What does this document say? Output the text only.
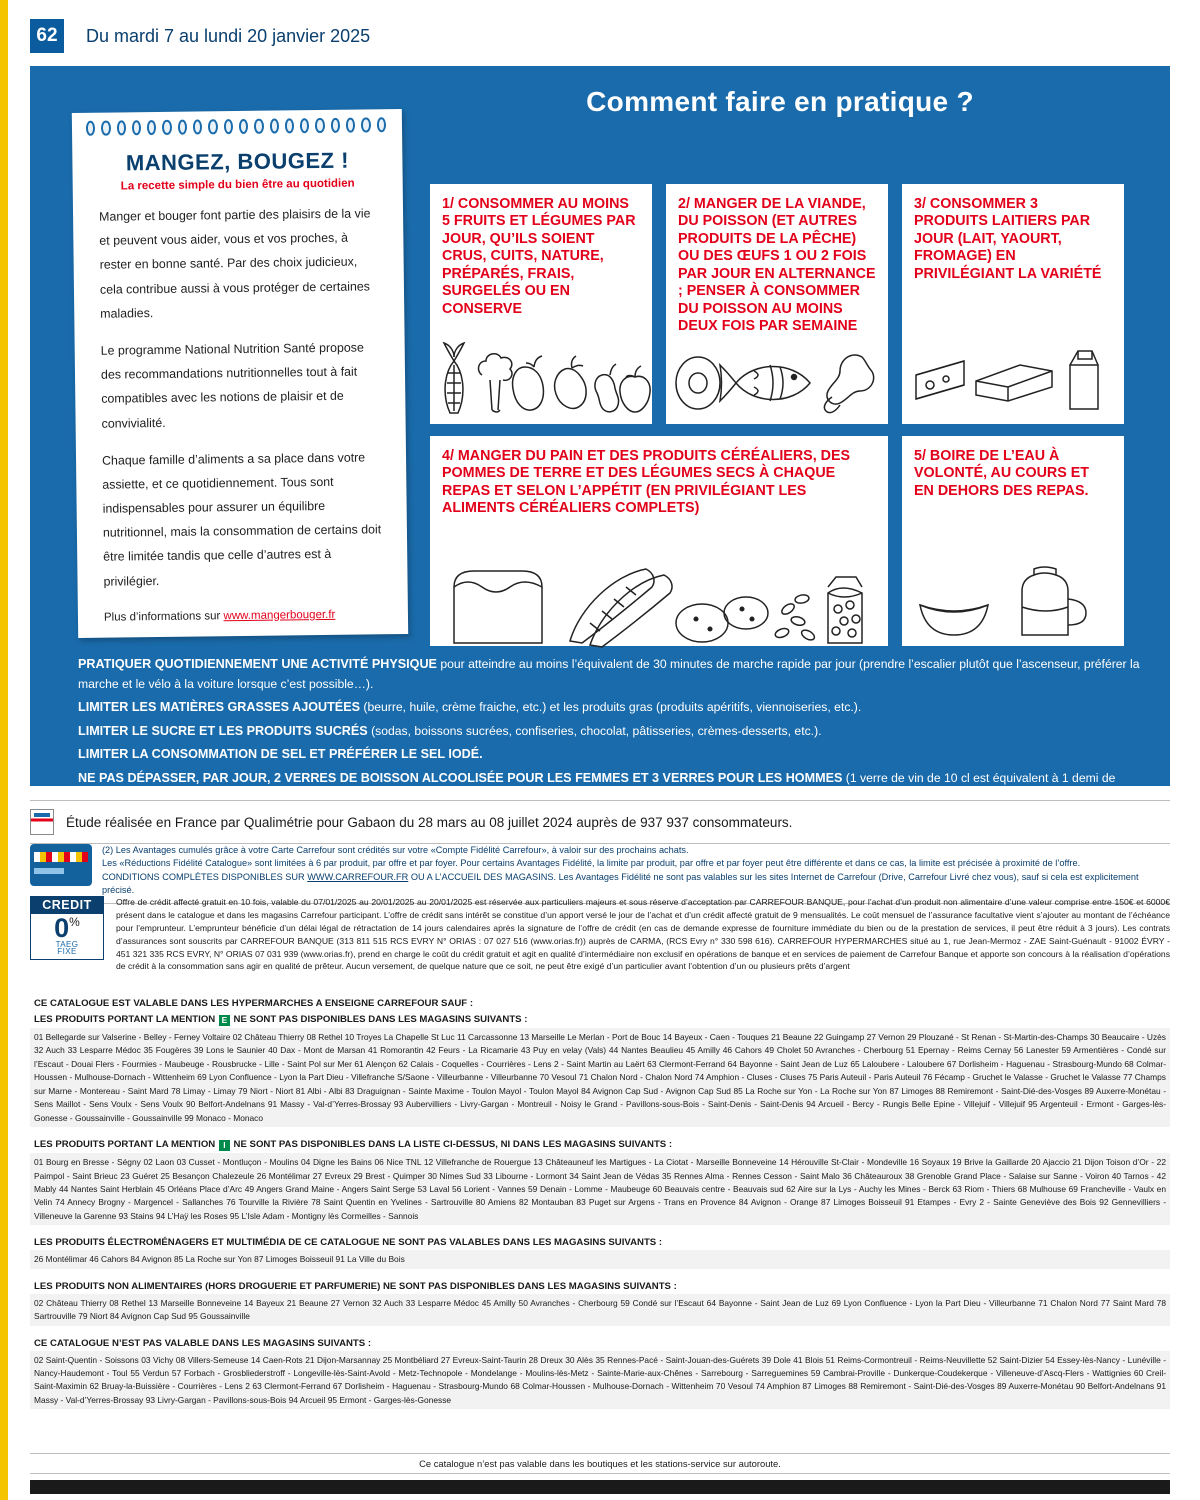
62	Du mardi 7 au lundi 20 janvier 2025
Comment faire en pratique ?
MANGEZ, BOUGEZ !
La recette simple du bien être au quotidien

Manger et bouger font partie des plaisirs de la vie et peuvent vous aider, vous et vos proches, à rester en bonne santé. Par des choix judicieux, cela contribue aussi à vous protéger de certaines maladies.

Le programme National Nutrition Santé propose des recommandations nutritionnelles tout à fait compatibles avec les notions de plaisir et de convivialité.

Chaque famille d’aliments a sa place dans votre assiette, et ce quotidiennement. Tous sont indispensables pour assurer un équilibre nutritionnel, mais la consommation de certains doit être limitée tandis que celle d’autres est à privilégier.

Plus d’informations sur www.mangerbouger.fr

1/ CONSOMMER AU MOINS 5 FRUITS ET LÉGUMES PAR JOUR, QU’ILS SOIENT CRUS, CUITS, NATURE, PRÉPARÉS, FRAIS, SURGELÉS OU EN CONSERVE
2/ MANGER DE LA VIANDE, DU POISSON (ET AUTRES PRODUITS DE LA PÊCHE) OU DES ŒUFS 1 OU 2 FOIS PAR JOUR EN ALTERNANCE ; PENSER À CONSOMMER DU POISSON AU MOINS DEUX FOIS PAR SEMAINE
3/ CONSOMMER 3 PRODUITS LAITIERS PAR JOUR (LAIT, YAOURT, FROMAGE) EN PRIVILÉGIANT LA VARIÉTÉ
4/ MANGER DU PAIN ET DES PRODUITS CÉRÉALIERS, DES POMMES DE TERRE ET DES LÉGUMES SECS À CHAQUE REPAS ET SELON L’APPÉTIT (EN PRIVILÉGIANT LES ALIMENTS CÉRÉALIERS COMPLETS)
5/ BOIRE DE L’EAU À VOLONTÉ, AU COURS ET EN DEHORS DES REPAS.

PRATIQUER QUOTIDIENNEMENT UNE ACTIVITÉ PHYSIQUE pour atteindre au moins l’équivalent de 30 minutes de marche rapide par jour (prendre l’escalier plutôt que l’ascenseur, préférer la marche et le vélo à la voiture lorsque c’est possible…).

LIMITER LES MATIÈRES GRASSES AJOUTÉES (beurre, huile, crème fraiche, etc.) et les produits gras (produits apéritifs, viennoiseries, etc.).

LIMITER LE SUCRE ET LES PRODUITS SUCRÉS (sodas, boissons sucrées, confiseries, chocolat, pâtisseries, crèmes-desserts, etc.).

LIMITER LA CONSOMMATION DE SEL ET PRÉFÉRER LE SEL IODÉ.

NE PAS DÉPASSER, PAR JOUR, 2 VERRES DE BOISSON ALCOOLISÉE POUR LES FEMMES ET 3 VERRES POUR LES HOMMES (1 verre de vin de 10 cl est équivalent à 1 demi de bière ou à 1 verre de 6 cl d’une boisson titrant 20 degrés, de type porto, ou de 3 cl d’une boisson titrant 40 à 45 degrés d’alcool, de type whisky ou pastis).

Étude réalisée en France par Qualimétrie pour Gabaon du 28 mars au 08 juillet 2024 auprès de 937 937 consommateurs.
(2) Les Avantages cumulés grâce à votre Carte Carrefour sont crédités sur votre «Compte Fidélité Carrefour», à valoir sur des prochains achats.
Les «Réductions Fidélité Catalogue» sont limitées à 6 par produit, par offre et par foyer. Pour certains Avantages Fidélité, la limite par produit, par offre et par foyer peut être différente et dans ce cas, la limite est précisée à proximité de l’offre.
CONDITIONS COMPLÈTES DISPONIBLES SUR WWW.CARREFOUR.FR OU A L’ACCUEIL DES MAGASINS. Les Avantages Fidélité ne sont pas valables sur les sites Internet de Carrefour (Drive, Carrefour Livré chez vous), sauf si cela est explicitement précisé.
CREDIT
0%
TAEG
FIXE
Offre de crédit affecté gratuit en 10 fois, valable du 07/01/2025 au 20/01/2025 au 20/01/2025 est réservée aux particuliers majeurs et sous réserve d’acceptation par CARREFOUR BANQUE, pour l’achat d’un produit non alimentaire d’une valeur comprise entre 150€ et 6000€ présent dans le catalogue et dans les magasins Carrefour participant. L’offre de crédit sans intérêt se constitue d’un apport versé le jour de l’achat et d’un crédit affecté gratuit de 9 mensualités. Le coût mensuel de l’assurance facultative vient s’ajouter au montant de l’échéance pour l’emprunteur. L’emprunteur bénéficie d’un délai légal de rétractation de 14 jours calendaires après la signature de l’offre de crédit (en cas de demande expresse de fourniture immédiate du bien ou de la prestation de services, il peut être réduit à 3 jours). Les contrats d’assurances sont souscrits par CARREFOUR BANQUE (313 811 515 RCS EVRY N° ORIAS : 07 027 516 (www.orias.fr)) auprès de CARMA, (RCS Evry n° 330 598 616). CARREFOUR HYPERMARCHES situé au 1, rue Jean-Mermoz - ZAE Saint-Guénault - 91002 ÉVRY - 451 321 335 RCS EVRY, N° ORIAS 07 031 939 (www.orias.fr), prend en charge le coût du crédit gratuit et agit en qualité d’intermédiaire non exclusif en opérations de banque et en services de paiement de Carrefour Banque et apporte son concours à la réalisation d’opérations de crédit à la consommation sans agir en qualité de prêteur. Aucun versement, de quelque nature que ce soit, ne peut être exigé d’un particulier avant l’obtention d’un ou plusieurs prêts d’argent
CE CATALOGUE EST VALABLE DANS LES HYPERMARCHES A ENSEIGNE CARREFOUR SAUF :
LES PRODUITS PORTANT LA MENTION E NE SONT PAS DISPONIBLES DANS LES MAGASINS SUIVANTS :
01 Bellegarde sur Valserine - Belley - Ferney Voltaire 02 Château Thierry 08 Rethel 10 Troyes La Chapelle St Luc 11 Carcassonne 13 Marseille Le Merlan - Port de Bouc 14 Bayeux - Caen - Touques 21 Beaune 22 Guingamp 27 Vernon 29 Plouzané - St Renan - St-Martin-des-Champs 30 Beaucaire - Uzès 32 Auch 33 Lesparre Médoc 35 Fougères 39 Lons le Saunier 40 Dax - Mont de Marsan 41 Romorantin 42 Feurs - La Ricamarie 43 Puy en velay (Vals) 44 Nantes Beaulieu 45 Amilly 46 Cahors 49 Cholet 50 Avranches - Cherbourg 51 Epernay - Reims Cernay 56 Lanester 59 Armentières - Condé sur l’Escaut - Douai Flers - Fourmies - Maubeuge - Rousbrucke - Lille - Saint Pol sur Mer 61 Alençon 62 Calais - Coquelles - Courrières - Lens 2 - Saint Martin au Laërt 63 Clermont-Ferrand 64 Bayonne - Saint Jean de Luz 65 Laloubere - Laloubere 67 Dorlisheim - Haguenau - Strasbourg-Mundo 68 Colmar-Houssen - Mulhouse-Dornach - Wittenheim 69 Lyon Confluence - Lyon la Part Dieu - Villefranche S/Saone - Villeurbanne - Villeurbanne 70 Vesoul 71 Chalon Nord - Chalon Nord 74 Amphion - Cluses - Cluses 75 Paris Auteuil - Paris Auteuil 76 Fécamp - Gruchet le Valasse - Gruchet le Valasse 77 Champs sur Marne - Montereau - Saint Mard 78 Limay - Limay 79 Niort - Niort 81 Albi - Albi 83 Draguignan - Sainte Maxime - Toulon Mayol - Toulon Mayol 84 Avignon Cap Sud - Avignon Cap Sud 85 La Roche sur Yon - La Roche sur Yon 87 Limoges 88 Remiremont - Saint-Dié-des-Vosges 89 Auxerre-Monétau - Sens Maillot - Sens Voulx - Sens Voulx 90 Belfort-Andelnans 91 Massy - Val-d’Yerres-Brossay 93 Aubervilliers - Livry-Gargan - Montreuil - Noisy le Grand - Pavillons-sous-Bois - Saint-Denis - Saint-Denis 94 Arcueil - Bercy - Rungis Belle Epine - Villejuif - Villejuif 95 Argenteuil - Ermont - Garges-lès-Gonesse - Goussainville - Goussainville 99 Monaco - Monaco
LES PRODUITS PORTANT LA MENTION I NE SONT PAS DISPONIBLES DANS LA LISTE CI-DESSUS, NI DANS LES MAGASINS SUIVANTS :
01 Bourg en Bresse - Ségny 02 Laon 03 Cusset - Montluçon - Moulins 04 Digne les Bains 06 Nice TNL 12 Villefranche de Rouergue 13 Châteauneuf les Martigues - La Ciotat - Marseille Bonneveine 14 Hérouville St-Clair - Mondeville 16 Soyaux 19 Brive la Gaillarde 20 Ajaccio 21 Dijon Toison d’Or - 22 Paimpol - Saint Brieuc 23 Guéret 25 Besançon Chalezeule 26 Montélimar 27 Evreux 29 Brest - Quimper 30 Nimes Sud 33 Libourne - Lormont 34 Saint Jean de Védas 35 Rennes Alma - Rennes Cesson - Saint Malo 36 Châteauroux 38 Grenoble Grand Place - Salaise sur Sanne - Voiron 40 Tarnos - 42 Mably 44 Nantes Saint Herblain 45 Orléans Place d’Arc 49 Angers Grand Maine - Angers Saint Serge 53 Laval 56 Lorient - Vannes 59 Denain - Lomme - Maubeuge 60 Beauvais centre - Beauvais sud 62 Aire sur la Lys - Auchy les Mines - Berck 63 Riom - Thiers 68 Mulhouse 69 Francheville - Vaulx en Velin 74 Annecy Brogny - Margencel - Sallanches 76 Tourville la Rivière 78 Saint Quentin en Yvelines - Sartrouville 80 Amiens 82 Montauban 83 Puget sur Argens - Trans en Provence 84 Avignon - Orange 87 Limoges Boisseuil 91 Etampes - Evry 2 - Sainte Geneviève des Bois 92 Gennevilliers - Villeneuve la Garenne 93 Stains 94 L’Haÿ les Roses 95 L’Isle Adam - Montigny lès Cormeilles - Sannois
LES PRODUITS ÉLECTROMÉNAGERS ET MULTIMÉDIA DE CE CATALOGUE NE SONT PAS VALABLES DANS LES MAGASINS SUIVANTS :
26 Montélimar 46 Cahors 84 Avignon 85 La Roche sur Yon 87 Limoges Boisseuil 91 La Ville du Bois
LES PRODUITS NON ALIMENTAIRES (HORS DROGUERIE ET PARFUMERIE) NE SONT PAS DISPONIBLES DANS LES MAGASINS SUIVANTS :
02 Château Thierry 08 Rethel 13 Marseille Bonneveine 14 Bayeux 21 Beaune 27 Vernon 32 Auch 33 Lesparre Médoc 45 Amilly 50 Avranches - Cherbourg 59 Condé sur l’Escaut 64 Bayonne - Saint Jean de Luz 69 Lyon Confluence - Lyon la Part Dieu - Villeurbanne 71 Chalon Nord 77 Saint Mard 78 Sartrouville 79 Niort 84 Avignon Cap Sud 95 Goussainville
CE CATALOGUE N’EST PAS VALABLE DANS LES MAGASINS SUIVANTS :
02 Saint-Quentin - Soissons 03 Vichy 08 Villers-Semeuse 14 Caen-Rots 21 Dijon-Marsannay 25 Montbéliard 27 Evreux-Saint-Taurin 28 Dreux 30 Alès 35 Rennes-Pacé - Saint-Jouan-des-Guérets 39 Dole 41 Blois 51 Reims-Cormontreuil - Reims-Neuvillette 52 Saint-Dizier 54 Essey-lès-Nancy - Lunéville - Nancy-Haudemont - Toul 55 Verdun 57 Forbach - Grosbliederstroff - Longeville-lès-Saint-Avold - Metz-Technopole - Mondelange - Moulins-lès-Metz - Sainte-Marie-aux-Chênes - Sarrebourg - Sarreguemines 59 Cambrai-Proville - Dunkerque-Coudekerque - Villeneuve-d’Ascq-Flers - Wattignies 60 Creil-Saint-Maximin 62 Bruay-la-Buissière - Courrières - Lens 2 63 Clermont-Ferrand 67 Dorlisheim - Haguenau - Strasbourg-Mundo 68 Colmar-Houssen - Mulhouse-Dornach - Wittenheim 70 Vesoul 74 Amphion 87 Limoges 88 Remiremont - Saint-Dié-des-Vosges 89 Auxerre-Monétau 90 Belfort-Andelnans 91 Massy - Val-d’Yerres-Brossay 93 Livry-Gargan - Pavillons-sous-Bois 94 Arcueil 95 Ermont - Garges-lès-Gonesse
Ce catalogue n’est pas valable dans les boutiques et les stations-service sur autoroute.
